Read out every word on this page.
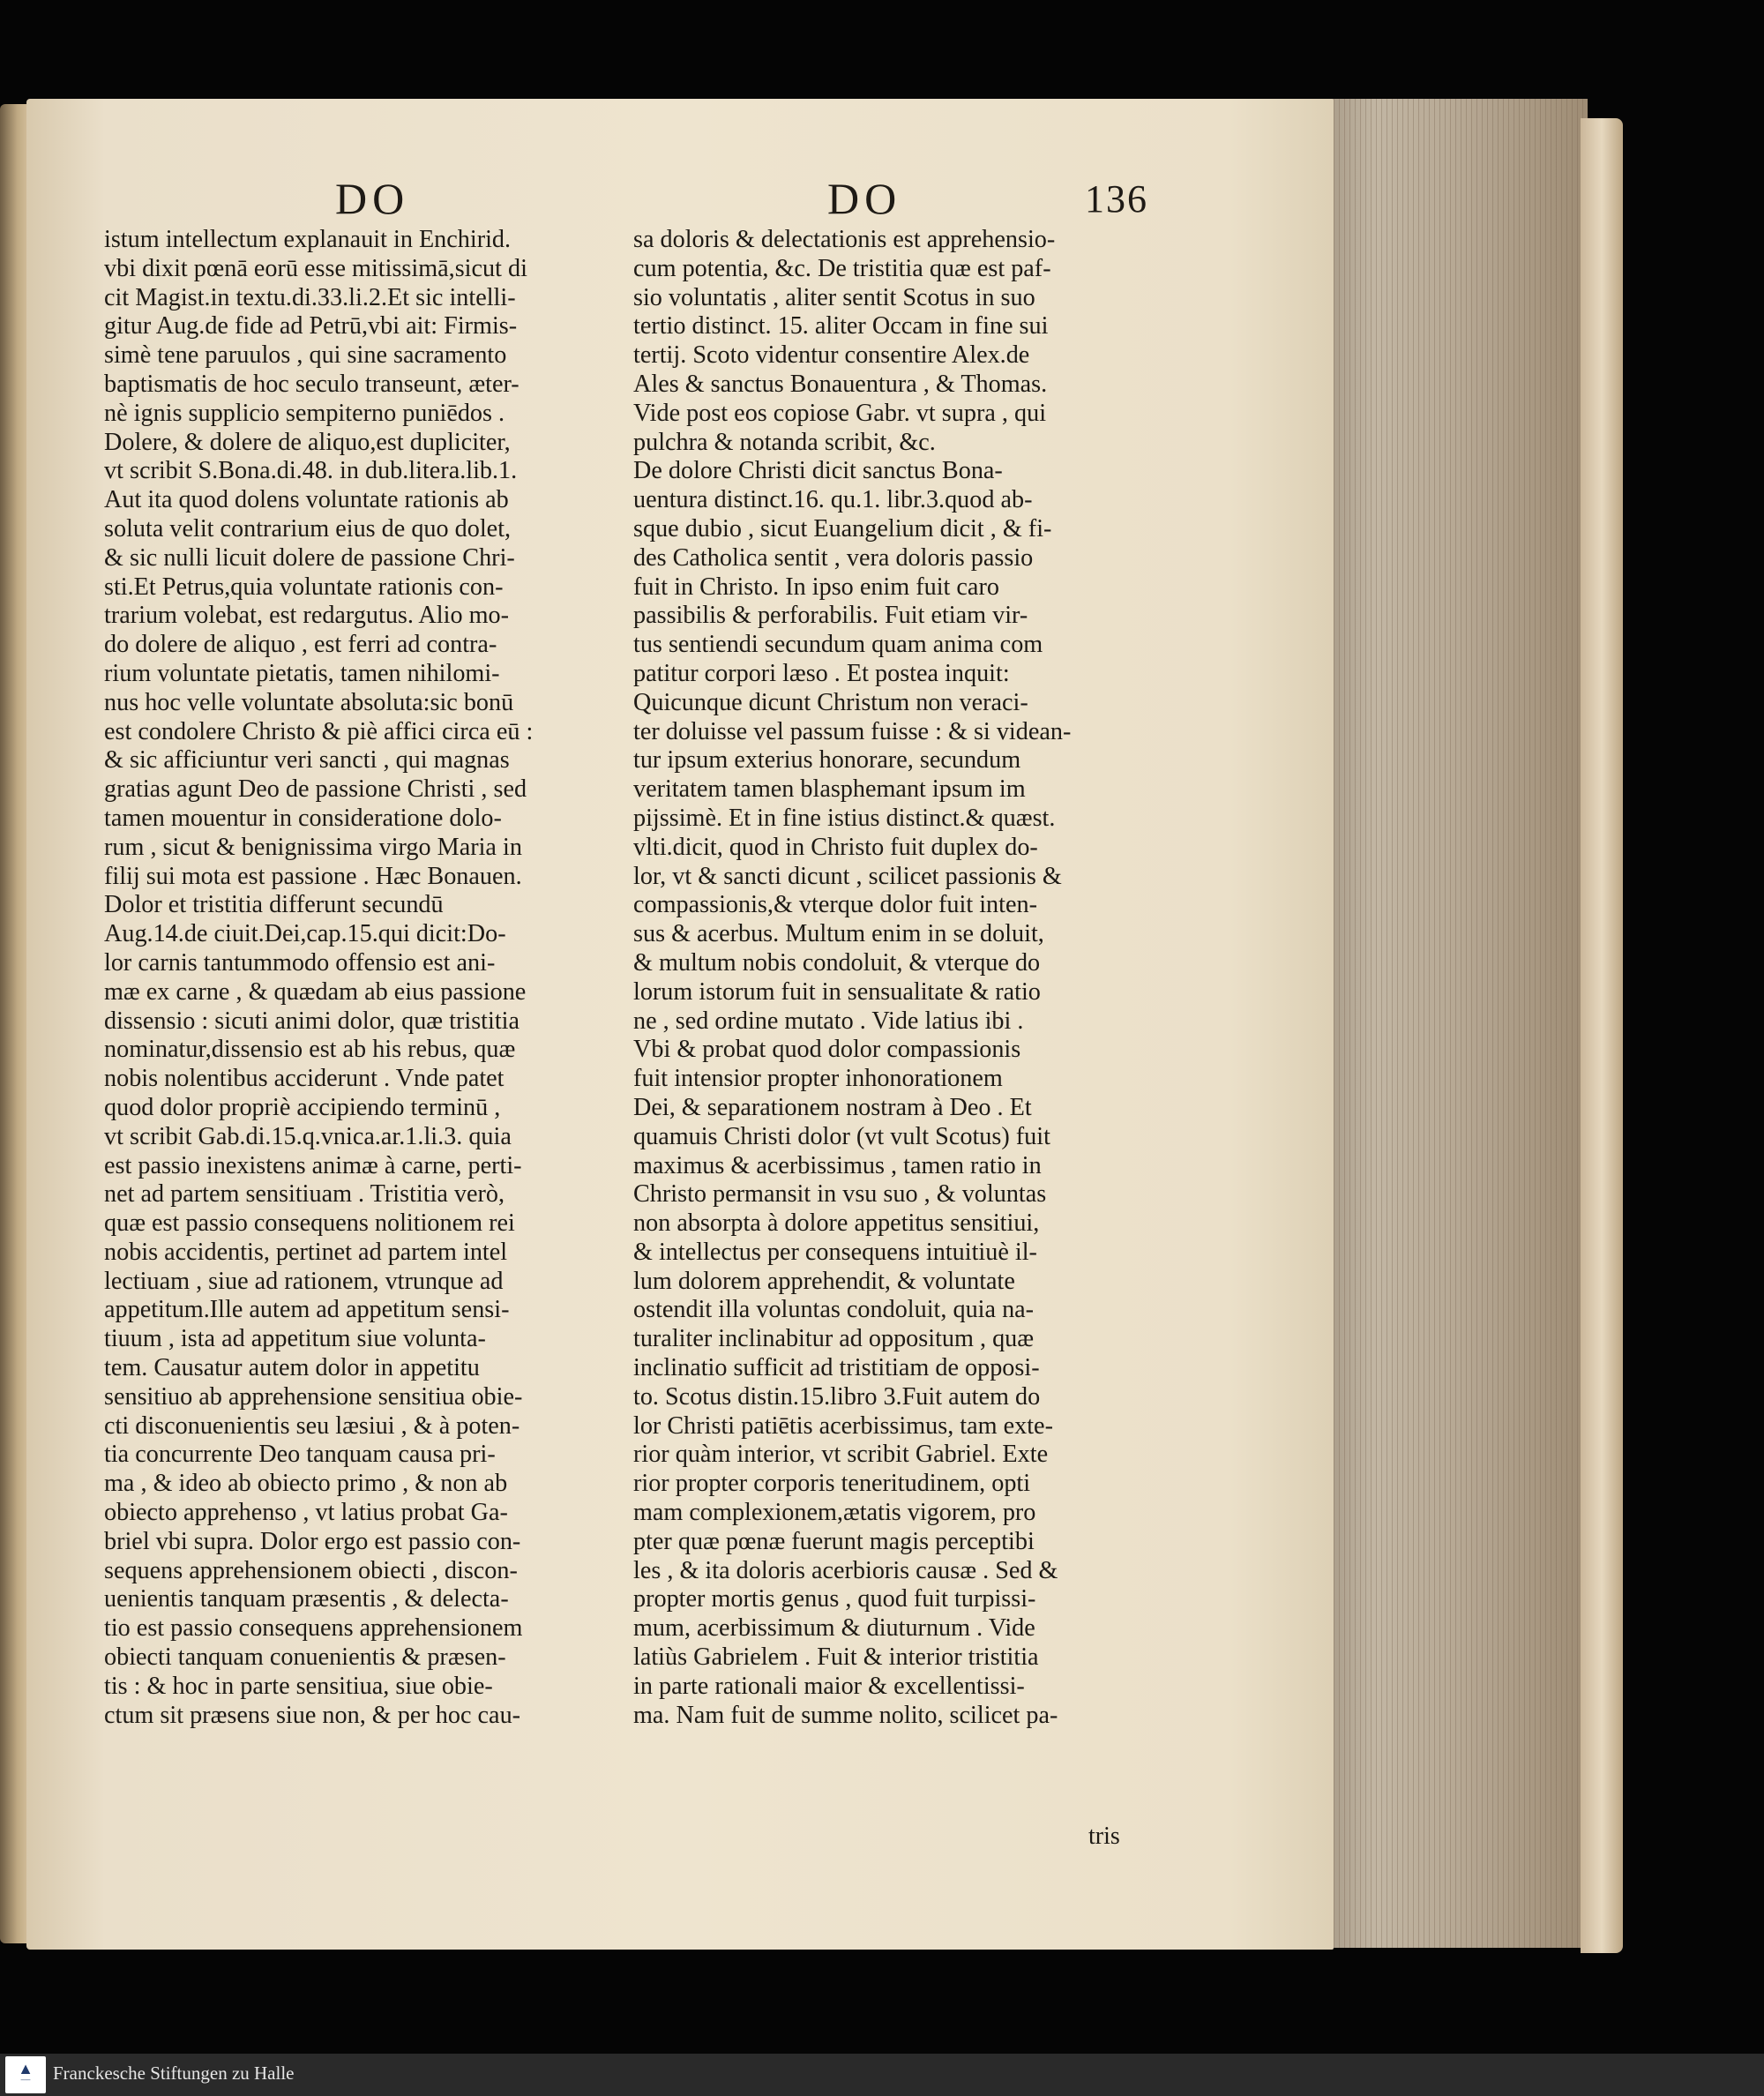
DO	DO	136
istum intellectum explanauit in Enchirid.
vbi dixit pœnā eorū esse mitissimā,sicut di
cit Magist.in textu.di.33.li.2.Et sic intelli-
gitur Aug.de fide ad Petrū,vbi ait: Firmis-
simè tene paruulos , qui sine sacramento
baptismatis de hoc seculo transeunt, æter-
nè ignis supplicio sempiterno puniēdos .
Dolere, & dolere de aliquo,est dupliciter,
vt scribit S.Bona.di.48. in dub.litera.lib.1.
Aut ita quod dolens voluntate rationis ab
soluta velit contrarium eius de quo dolet,
& sic nulli licuit dolere de passione Chri-
sti.Et Petrus,quia voluntate rationis con-
trarium volebat, est redargutus. Alio mo-
do dolere de aliquo , est ferri ad contra-
rium voluntate pietatis, tamen nihilomi-
nus hoc velle voluntate absoluta:sic bonū
est condolere Christo & piè affici circa eū :
& sic afficiuntur veri sancti , qui magnas
gratias agunt Deo de passione Christi , sed
tamen mouentur in consideratione dolo-
rum , sicut & benignissima virgo Maria in
filij sui mota est passione . Hæc Bonauen.
Dolor et tristitia differunt secundū
Aug.14.de ciuit.Dei,cap.15.qui dicit:Do-
lor carnis tantummodo offensio est ani-
mæ ex carne , & quædam ab eius passione
dissensio : sicuti animi dolor, quæ tristitia
nominatur,dissensio est ab his rebus, quæ
nobis nolentibus acciderunt . Vnde patet
quod dolor propriè accipiendo terminū ,
vt scribit Gab.di.15.q.vnica.ar.1.li.3. quia
est passio inexistens animæ à carne, perti-
net ad partem sensitiuam . Tristitia verò,
quæ est passio consequens nolitionem rei
nobis accidentis, pertinet ad partem intel
lectiuam , siue ad rationem, vtrunque ad
appetitum.Ille autem ad appetitum sensi-
tiuum , ista ad appetitum siue volunta-
tem. Causatur autem dolor in appetitu
sensitiuo ab apprehensione sensitiua obie-
cti disconuenientis seu læsiui , & à poten-
tia concurrente Deo tanquam causa pri-
ma , & ideo ab obiecto primo , & non ab
obiecto apprehenso , vt latius probat Ga-
briel vbi supra. Dolor ergo est passio con-
sequens apprehensionem obiecti , discon-
uenientis tanquam præsentis , & delecta-
tio est passio consequens apprehensionem
obiecti tanquam conuenientis & præsen-
tis : & hoc in parte sensitiua, siue obie-
ctum sit præsens siue non, & per hoc cau-
sa doloris & delectationis est apprehensio-
cum potentia, &c. De tristitia quæ est paf-
sio voluntatis , aliter sentit Scotus in suo
tertio distinct. 15. aliter Occam in fine sui
tertij. Scoto videntur consentire Alex.de
Ales & sanctus Bonauentura , & Thomas.
Vide post eos copiose Gabr. vt supra , qui
pulchra & notanda scribit, &c.
De dolore Christi dicit sanctus Bona-
uentura distinct.16. qu.1. libr.3.quod ab-
sque dubio , sicut Euangelium dicit , & fi-
des Catholica sentit , vera doloris passio
fuit in Christo. In ipso enim fuit caro
passibilis & perforabilis. Fuit etiam vir-
tus sentiendi secundum quam anima com
patitur corpori læso . Et postea inquit:
Quicunque dicunt Christum non veraci-
ter doluisse vel passum fuisse : & si videan-
tur ipsum exterius honorare, secundum
veritatem tamen blasphemant ipsum im
pijssimè. Et in fine istius distinct.& quæst.
vlti.dicit, quod in Christo fuit duplex do-
lor, vt & sancti dicunt , scilicet passionis &
compassionis,& vterque dolor fuit inten-
sus & acerbus. Multum enim in se doluit,
& multum nobis condoluit, & vterque do
lorum istorum fuit in sensualitate & ratio
ne , sed ordine mutato . Vide latius ibi .
Vbi & probat quod dolor compassionis
fuit intensior propter inhonorationem
Dei, & separationem nostram à Deo . Et
quamuis Christi dolor (vt vult Scotus) fuit
maximus & acerbissimus , tamen ratio in
Christo permansit in vsu suo , & voluntas
non absorpta à dolore appetitus sensitiui,
& intellectus per consequens intuitiuè il-
lum dolorem apprehendit, & voluntate
ostendit illa voluntas condoluit, quia na-
turaliter inclinabitur ad oppositum , quæ
inclinatio sufficit ad tristitiam de opposi-
to. Scotus distin.15.libro 3.Fuit autem do
lor Christi patiētis acerbissimus, tam exte-
rior quàm interior, vt scribit Gabriel. Exte
rior propter corporis teneritudinem, opti
mam complexionem,ætatis vigorem, pro
pter quæ pœnæ fuerunt magis perceptibi
les , & ita doloris acerbioris causæ . Sed &
propter mortis genus , quod fuit turpissi-
mum, acerbissimum & diuturnum . Vide
latiùs Gabrielem . Fuit & interior tristitia
in parte rationali maior & excellentissi-
ma. Nam fuit de summe nolito, scilicet pa-
tris
▲
───	Franckesche Stiftungen zu Halle
